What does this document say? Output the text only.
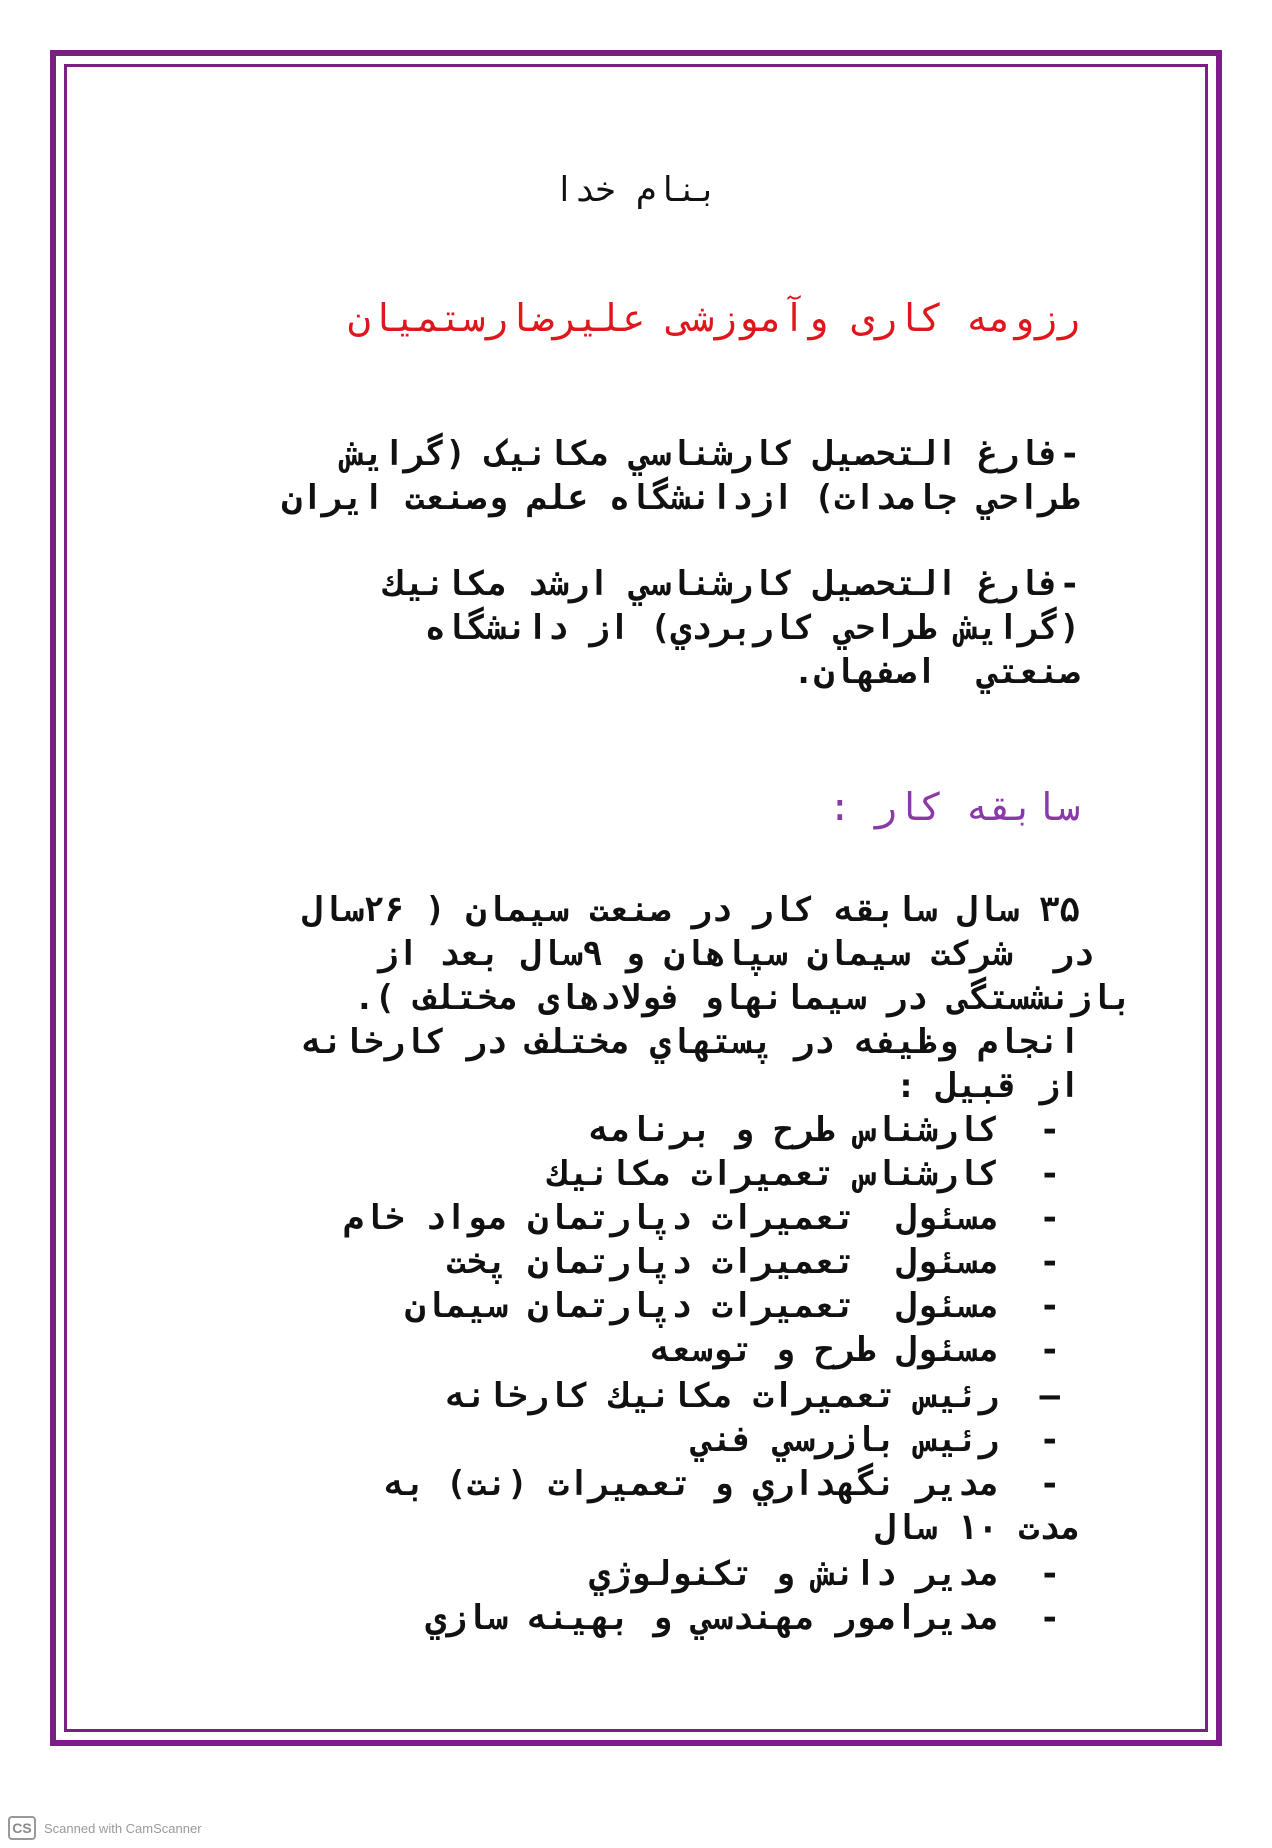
بنام خدا
رزومه کاری وآموزشی علیرضارستمیان
-فارغ التحصيل كارشناسي مكانيک (گرايش
طراحي جامدات) ازدانشگاه علم وصنعت ايران
-فارغ التحصيل كارشناسي ارشد مكانيك
(گرايش طراحي كاربردي) از دانشگاه
صنعتي  اصفهان.
سابقه کار :
۳۵ سال سابقه کار در صنعت سیمان ( ۲۶سال
در  شرکت سیمان سپاهان و ۹سال بعد از
بازنشستگی در سیمانهاو فولادهای مختلف ).
انجام وظيفه در پستهاي مختلف در كارخانه
از قبيل :
-  كارشناس طرح و برنامه
-  كارشناس تعميرات مكانيك
-  مسئول  تعميرات دپارتمان مواد خام
-  مسئول  تعميرات دپارتمان پخت
-  مسئول  تعميرات دپارتمان سيمان
-  مسئول طرح و توسعه
–  رئيس تعميرات مكانيك كارخانه
-  رئيس بازرسي فني
-  مدير نگهداري و تعميرات (نت) به
مدت ۱۰ سال
-  مدير دانش و تكنولوژي
-  مديرامور مهندسي و بهينه سازي
CS Scanned with CamScanner
